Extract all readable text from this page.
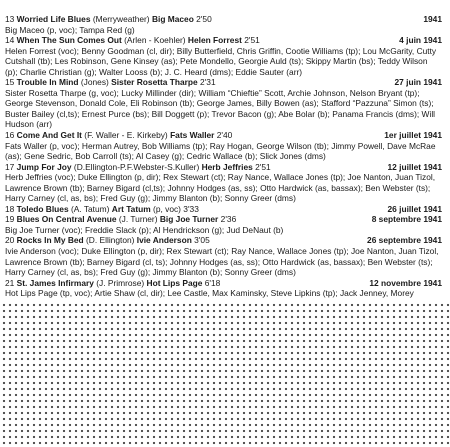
13 Worried Life Blues (Merryweather) Big Maceo 2'50	1941
Big Maceo (p, voc); Tampa Red (g)
14 When The Sun Comes Out (Arlen - Koehler) Helen Forrest 2'51	4 juin 1941
Helen Forrest (voc); Benny Goodman (cl, dir); Billy Butterfield, Chris Griffin, Cootie Williams (tp); Lou McGarity, Cutty Cutshall (tb); Les Robinson, Gene Kinsey (as); Pete Mondello, Georgie Auld (ts); Skippy Martin (bs); Teddy Wilson (p); Charlie Christian (g); Walter Looss (b); J. C. Heard (dms); Eddie Sauter (arr)
15 Trouble In Mind (Jones) Sister Rosetta Tharpe 2'31	27 juin 1941
Sister Rosetta Tharpe (g, voc); Lucky Millinder (dir); William “Chieftie” Scott, Archie Johnson, Nelson Bryant (tp); George Stevenson, Donald Cole, Eli Robinson (tb); George James, Billy Bowen (as); Stafford “Pazzuna” Simon (ts); Buster Bailey (cl,ts); Ernest Purce (bs); Bill Doggett (p); Trevor Bacon (g); Abe Bolar (b); Panama Francis (dms); Will Hudson (arr)
16 Come And Get It (F. Waller - E. Kirkeby) Fats Waller 2'40	1er juillet 1941
Fats Waller (p, voc); Herman Autrey, Bob Williams (tp); Ray Hogan, George Wilson (tb); Jimmy Powell, Dave McRae (as); Gene Sedric, Bob Carroll (ts); Al Casey (g); Cedric Wallace (b); Slick Jones (dms)
17 Jump For Joy (D.Ellington-P.F.Webster-S.Kuller) Herb Jeffries 2'51	12 juillet 1941
Herb Jeffries (voc); Duke Ellington (p, dir); Rex Stewart (ct); Ray Nance, Wallace Jones (tp); Joe Nanton, Juan Tizol, Lawrence Brown (tb); Barney Bigard (cl,ts); Johnny Hodges (as, ss); Otto Hardwick (as, bassax); Ben Webster (ts); Harry Carney (cl, as, bs); Fred Guy (g); Jimmy Blanton (b); Sonny Greer (dms)
18 Toledo Blues (A. Tatum) Art Tatum (p, voc) 3'33	26 juillet 1941
19 Blues On Central Avenue (J. Turner) Big Joe Turner 2'36	8 septembre 1941
Big Joe Turner (voc); Freddie Slack (p); Al Hendrickson (g); Jud DeNaut (b)
20 Rocks In My Bed (D. Ellington) Ivie Anderson 3'05	26 septembre 1941
Ivie Anderson (voc); Duke Ellington (p, dir); Rex Stewart (ct); Ray Nance, Wallace Jones (tp); Joe Nanton, Juan Tizol, Lawrence Brown (tb); Barney Bigard (cl, ts); Johnny Hodges (as, ss); Otto Hardwick (as, bassax); Ben Webster (ts); Harry Carney (cl, as, bs); Fred Guy (g); Jimmy Blanton (b); Sonny Greer (dms)
21 St. James Infirmary (J. Primrose) Hot Lips Page 6'18	12 novembre 1941
Hot Lips Page (tp, voc); Artie Shaw (cl, dir); Lee Castle, Max Kaminsky, Steve Lipkins (tp); Jack Jenney, Morey
